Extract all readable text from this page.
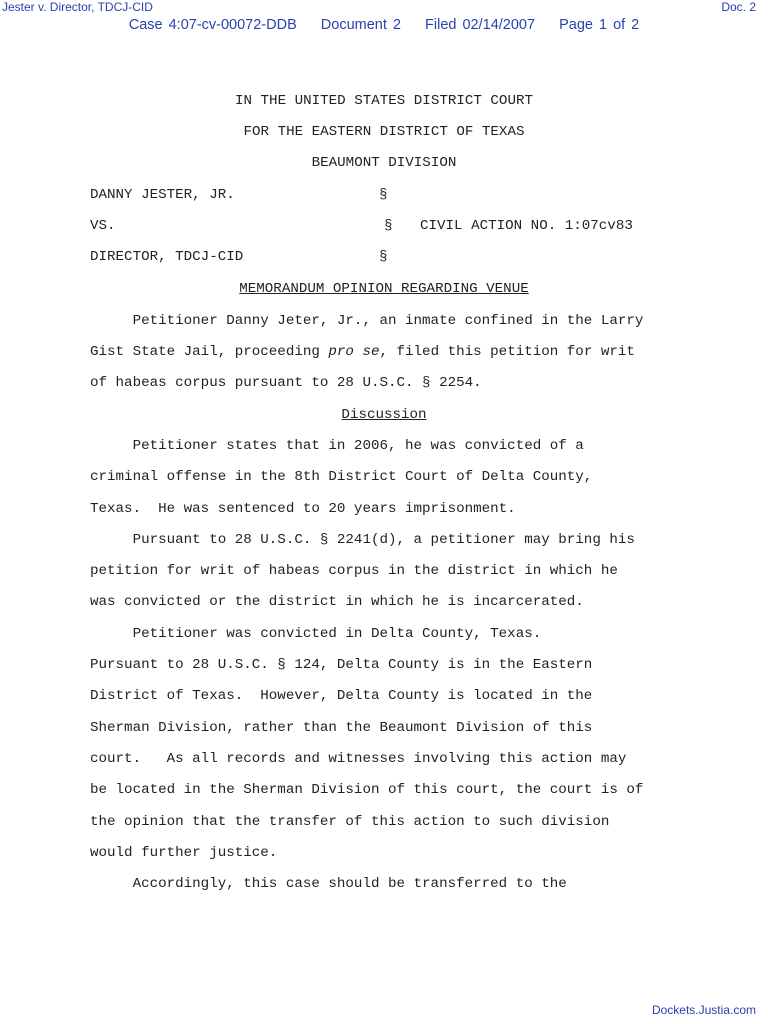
Jester v. Director, TDCJ-CID	Doc. 2
Case 4:07-cv-00072-DDB Document 2 Filed 02/14/2007 Page 1 of 2
IN THE UNITED STATES DISTRICT COURT
FOR THE EASTERN DISTRICT OF TEXAS
BEAUMONT DIVISION
DANNY JESTER, JR.	§
VS.	§ CIVIL ACTION NO. 1:07cv83
DIRECTOR, TDCJ-CID	§
MEMORANDUM OPINION REGARDING VENUE
Petitioner Danny Jeter, Jr., an inmate confined in the Larry
Gist State Jail, proceeding pro se, filed this petition for writ
of habeas corpus pursuant to 28 U.S.C. § 2254.
Discussion
Petitioner states that in 2006, he was convicted of a
criminal offense in the 8th District Court of Delta County,
Texas.  He was sentenced to 20 years imprisonment.
Pursuant to 28 U.S.C. § 2241(d), a petitioner may bring his
petition for writ of habeas corpus in the district in which he
was convicted or the district in which he is incarcerated.
Petitioner was convicted in Delta County, Texas.
Pursuant to 28 U.S.C. § 124, Delta County is in the Eastern
District of Texas.  However, Delta County is located in the
Sherman Division, rather than the Beaumont Division of this
court.   As all records and witnesses involving this action may
be located in the Sherman Division of this court, the court is of
the opinion that the transfer of this action to such division
would further justice.
Accordingly, this case should be transferred to the
Dockets.Justia.com
